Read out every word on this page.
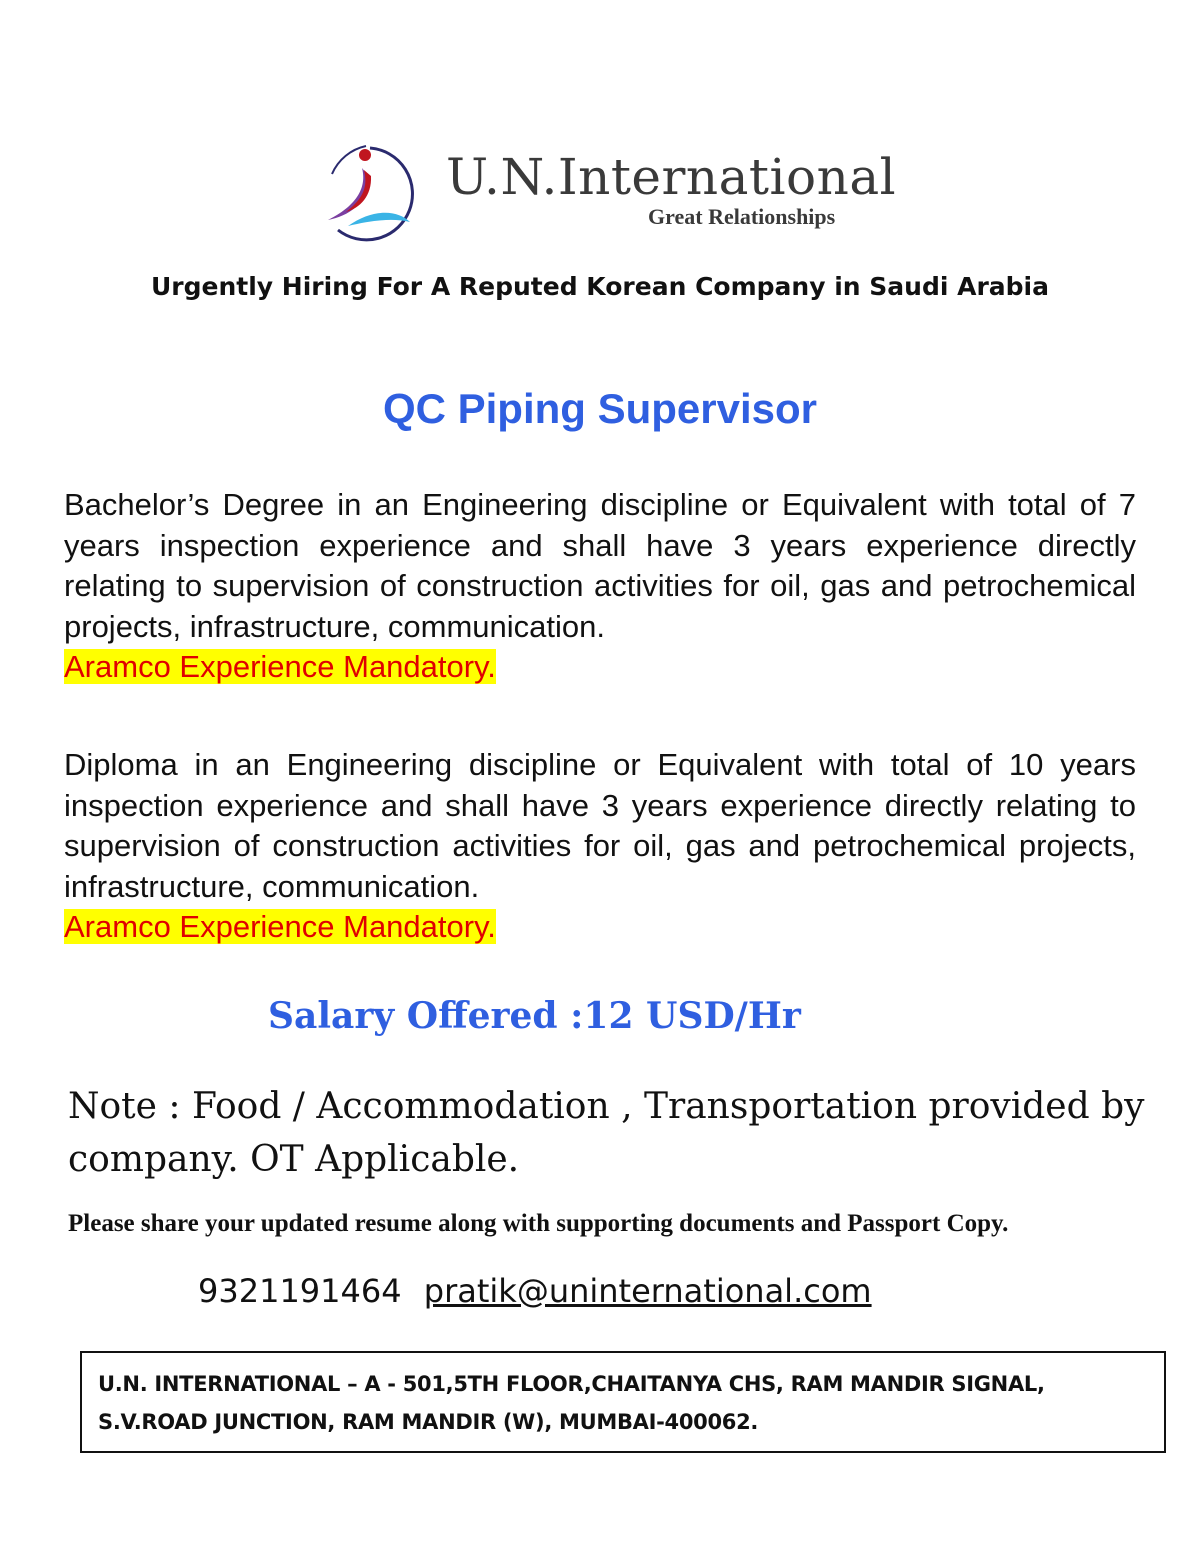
U.N.International
Great Relationships
Urgently Hiring For A Reputed Korean Company in Saudi Arabia
QC Piping Supervisor
Bachelor’s Degree in an Engineering discipline or Equivalent with total of 7 years inspection experience and shall have 3 years experience directly relating to supervision of construction activities for oil, gas and petrochemical projects, infrastructure, communication.
Aramco Experience Mandatory.
Diploma in an Engineering discipline or Equivalent with total of 10 years inspection experience and shall have 3 years experience directly relating to supervision of construction activities for oil, gas and petrochemical projects, infrastructure, communication.
Aramco Experience Mandatory.
Salary Offered :12 USD/Hr
Note : Food / Accommodation , Transportation provided by company. OT Applicable.
Please share your updated resume along with supporting documents and Passport Copy.
9321191464 pratik@uninternational.com
U.N. INTERNATIONAL – A - 501,5TH FLOOR,CHAITANYA CHS, RAM MANDIR SIGNAL,
S.V.ROAD JUNCTION, RAM MANDIR (W), MUMBAI-400062.
